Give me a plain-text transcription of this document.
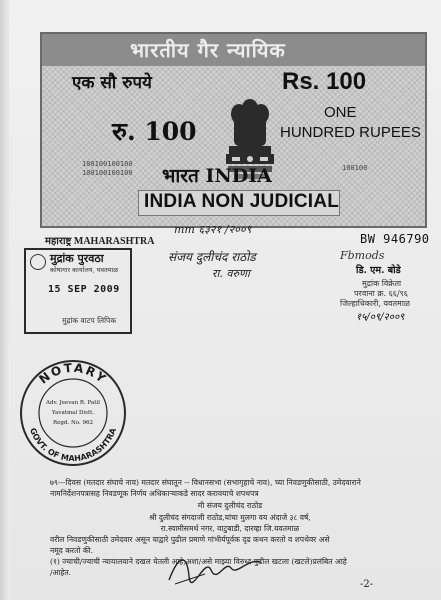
भारतीय गैर न्यायिक
एक सौ रुपये	Rs. 100
ONE
HUNDRED RUPEES
रु. 100
100100100100
100100100100
100100
भारत INDIA
INDIA NON JUDICIAL
महाराष्ट्र MAHARASHTRA
mm ६३२१ /२००९
संजय दुलीचंद राठोड
रा. वरुणा
BW 946790
Fbmods
डि. एम. बोडे
मुद्रांक विक्रेता
परवाना क्र. ६६/९६
जिल्हाधिकारी, यवतमाळ
१५/०९/२००९
मुद्रांक पुरवठा
कोषागार कार्यालय, यवतमाळ
15 SEP 2009
मुद्रांक वाटप लिपिक
NOTARY
GOVT. OF MAHARASHTRA
Adv. Jeevan R. Patil
Yavatmal Distt.
Regd. No. 962
७९---दिवस (मतदार संघाचे नाव) मतदार संघातून -- विधानसभा (सभागृहाचे नाव), च्या निवडणुकीसाठी, उमेदवाराने
नामनिर्देशनपत्रासह निवडणूक निर्णय अधिकाऱ्याकडे सादर करावयाचे शपथपत्र
मी संजय दुलीचंद राठोड
श्री दुलीचंद संगदाजी राठोड,यांचा मुलगा वय अंदाजे ३८ वर्ष,
रा.स्वामीसमर्थ नगर, वाटुबाडी, दारव्हा जि.यवतमाळ
वरील निवडणुकीसाठी उमेदवार असून याद्वारे पुढील प्रमाणे गांभीर्यपूर्वक दृढ कथन करतो व शपथेवर असे
नमूद करतो की.
(१) ज्याची/ज्याची न्यायालयाने दखल घेतली आहे,अशा/असे माझ्या विरुध्द पुढील खटला (खटले)प्रलंबित आहे
/आहेत.
-2-
